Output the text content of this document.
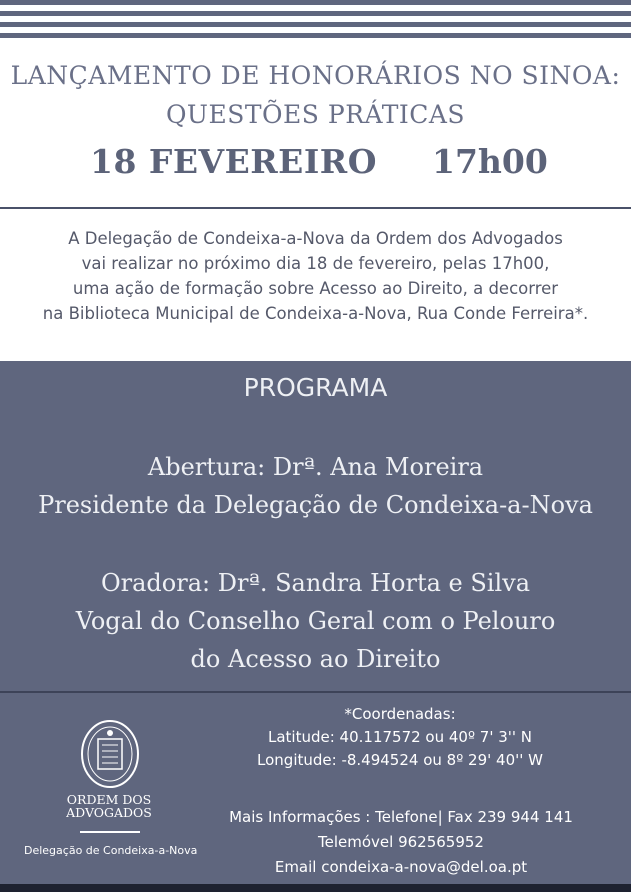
LANÇAMENTO DE HONORÁRIOS NO SINOA:
QUESTÕES PRÁTICAS
18 FEVEREIRO 17h00
A Delegação de Condeixa-a-Nova da Ordem dos Advogados
vai realizar no próximo dia 18 de fevereiro, pelas 17h00,
uma ação de formação sobre Acesso ao Direito, a decorrer
na Biblioteca Municipal de Condeixa-a-Nova, Rua Conde Ferreira*.
PROGRAMA
Abertura: Drª. Ana Moreira
Presidente da Delegação de Condeixa-a-Nova
Oradora: Drª. Sandra Horta e Silva
Vogal do Conselho Geral com o Pelouro
do Acesso ao Direito
ORDEM DOS
ADVOGADOS
Delegação de Condeixa-a-Nova
*Coordenadas:
Latitude: 40.117572 ou 40º 7' 3'' N
Longitude: -8.494524 ou 8º 29' 40'' W
Mais Informações : Telefone| Fax 239 944 141
Telemóvel 962565952
Email condeixa-a-nova@del.oa.pt
